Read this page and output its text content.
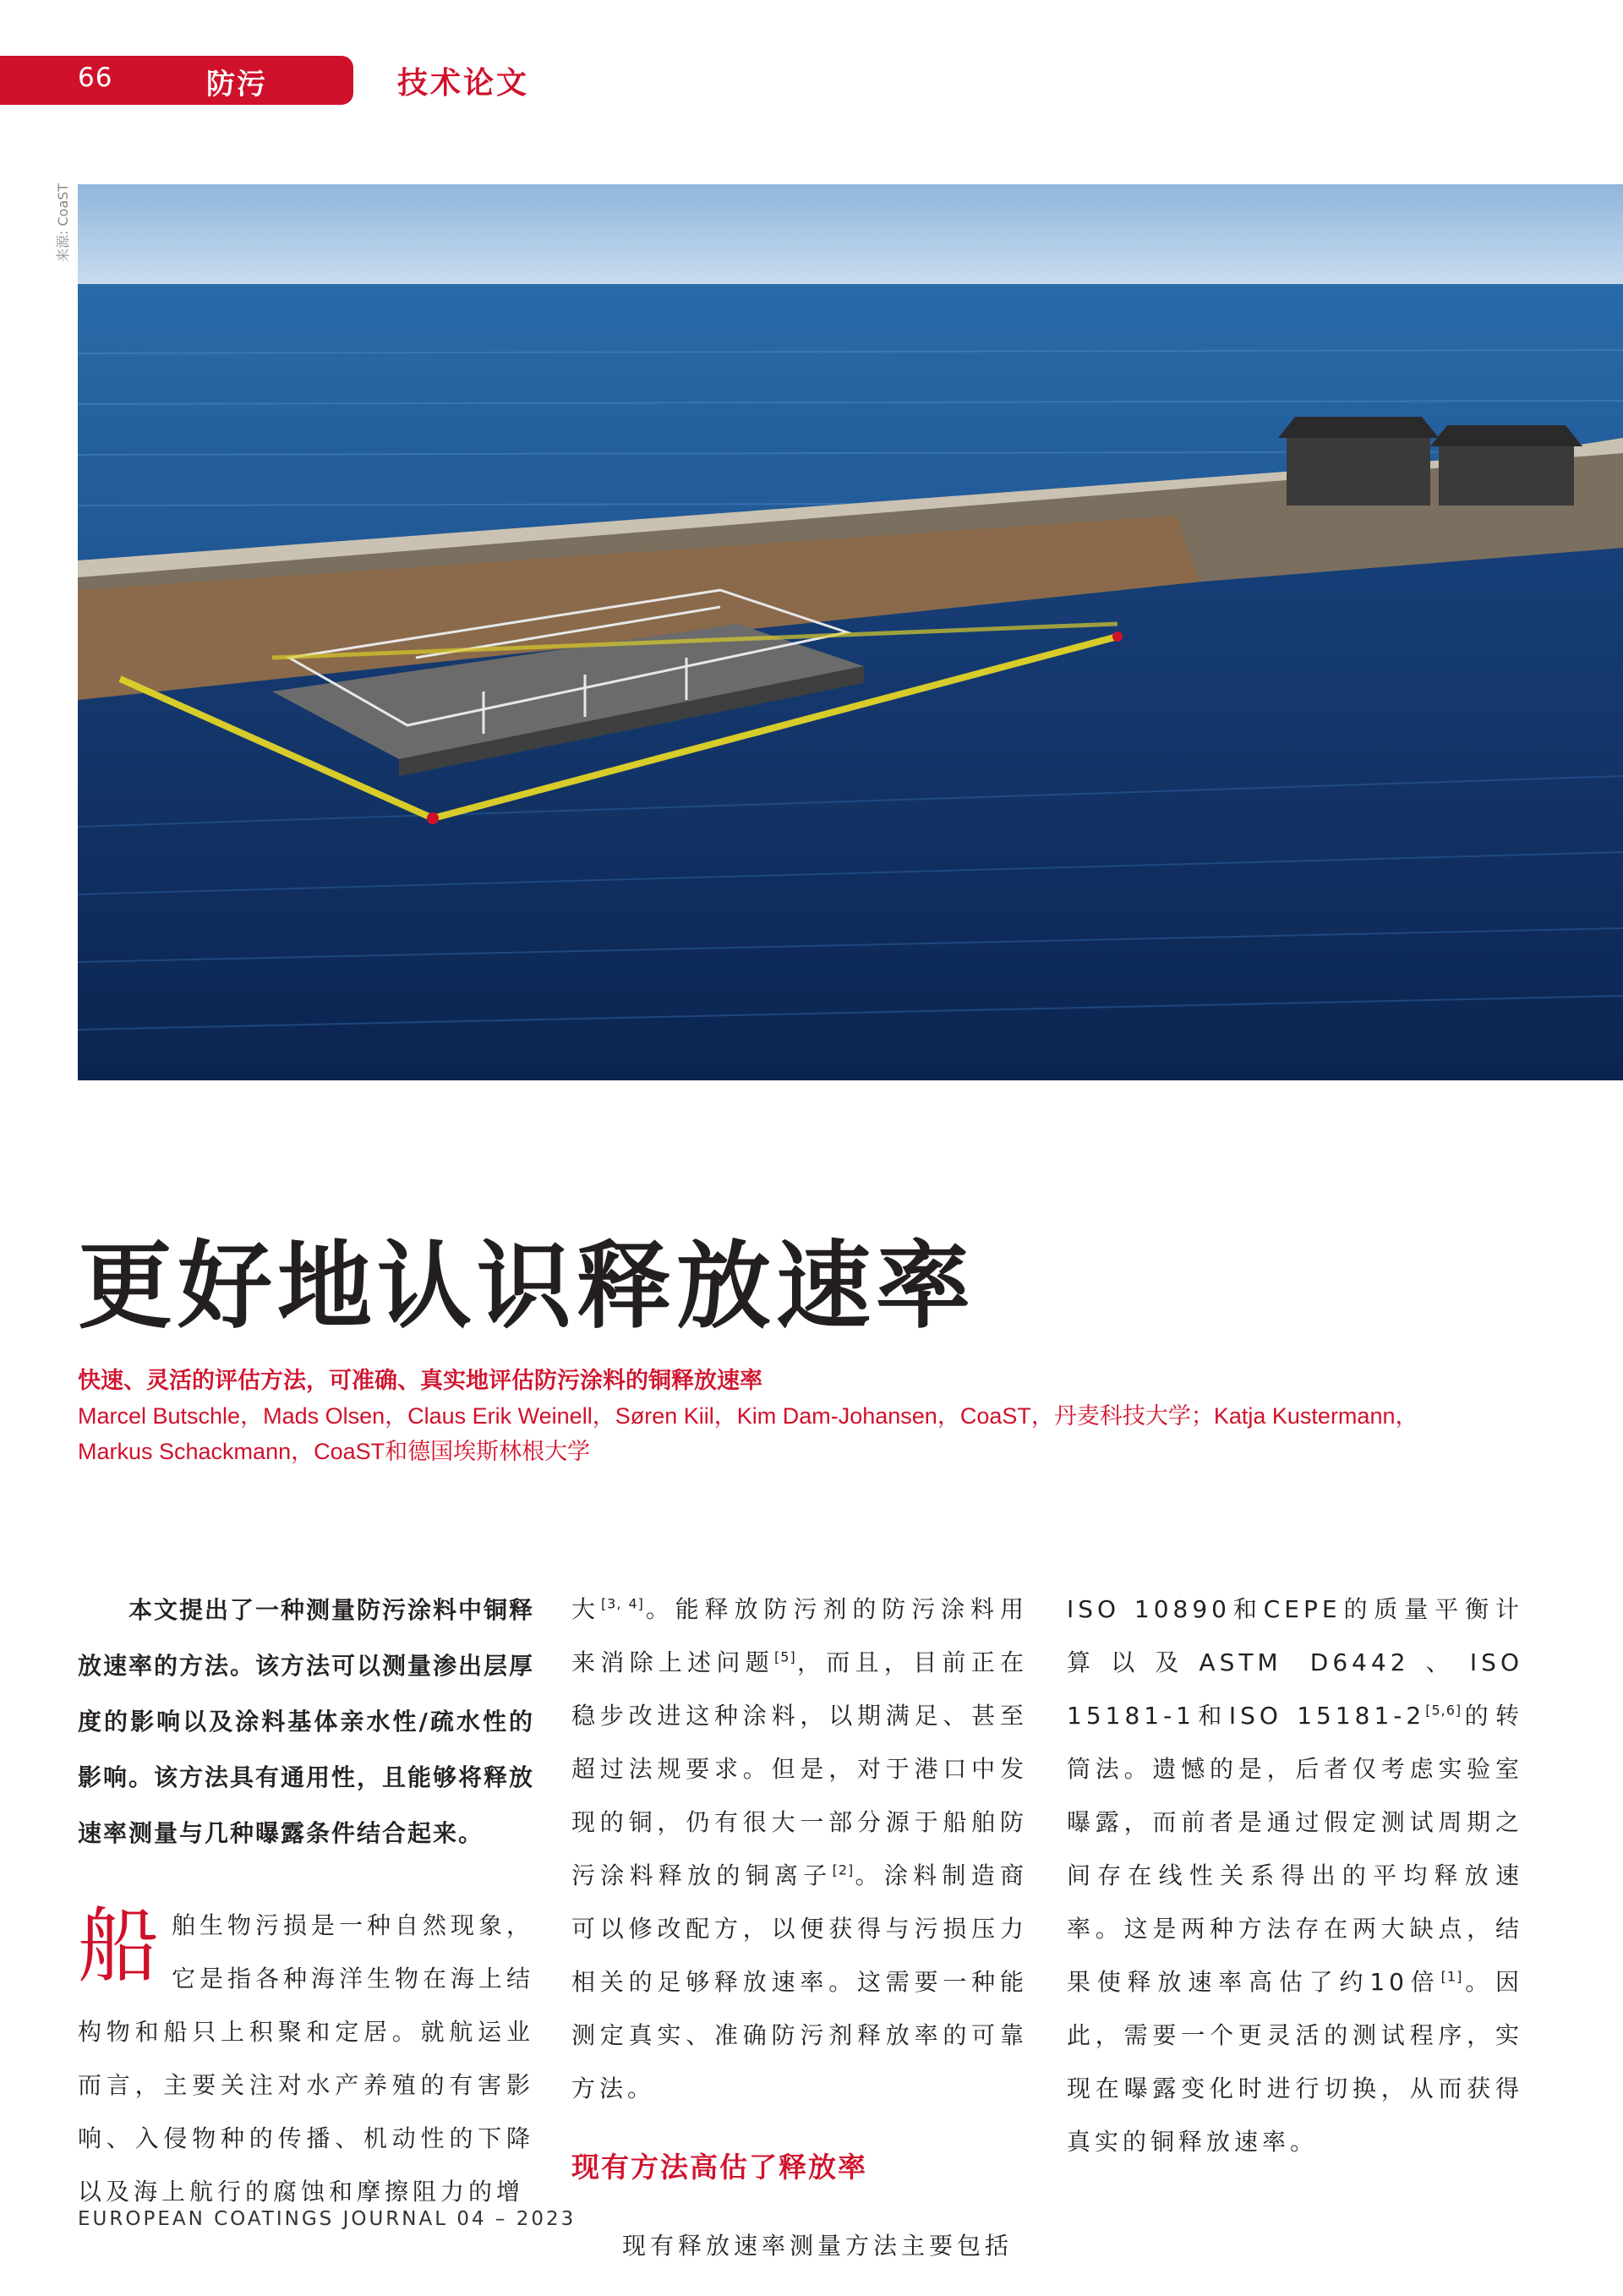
66	防污	技术论文
来源: CoaST
更好地认识释放速率
快速、灵活的评估方法，可准确、真实地评估防污涂料的铜释放速率
Marcel Butschle，Mads Olsen，Claus Erik Weinell，Søren Kiil，Kim Dam-Johansen，CoaST，丹麦科技大学；Katja Kustermann，
Markus Schackmann，CoaST和德国埃斯林根大学

本文提出了一种测量防污涂料中铜释放速率的方法。该方法可以测量渗出层厚度的影响以及涂料基体亲水性/疏水性的影响。该方法具有通用性，且能够将释放速率测量与几种曝露条件结合起来。

船舶生物污损是一种自然现象，它是指各种海洋生物在海上结构物和船只上积聚和定居。就航运业而言，主要关注对水产养殖的有害影响、入侵物种的传播、机动性的下降以及海上航行的腐蚀和摩擦阻力的增

大[3, 4]。能释放防污剂的防污涂料用来消除上述问题[5]，而且，目前正在稳步改进这种涂料，以期满足、甚至超过法规要求。但是，对于港口中发现的铜，仍有很大一部分源于船舶防污涂料释放的铜离子[2]。涂料制造商可以修改配方，以便获得与污损压力相关的足够释放速率。这需要一种能测定真实、准确防污剂释放率的可靠方法。

现有方法高估了释放率

现有释放速率测量方法主要包括

ISO 10890和CEPE的质量平衡计算以及ASTM D6442、ISO 15181-1和ISO 15181-2[5,6]的转筒法。遗憾的是，后者仅考虑实验室曝露，而前者是通过假定测试周期之间存在线性关系得出的平均释放速率。这是两种方法存在两大缺点，结果使释放速率高估了约10倍[1]。因此，需要一个更灵活的测试程序，实现在曝露变化时进行切换，从而获得真实的铜释放速率。

EUROPEAN COATINGS JOURNAL 04 – 2023
